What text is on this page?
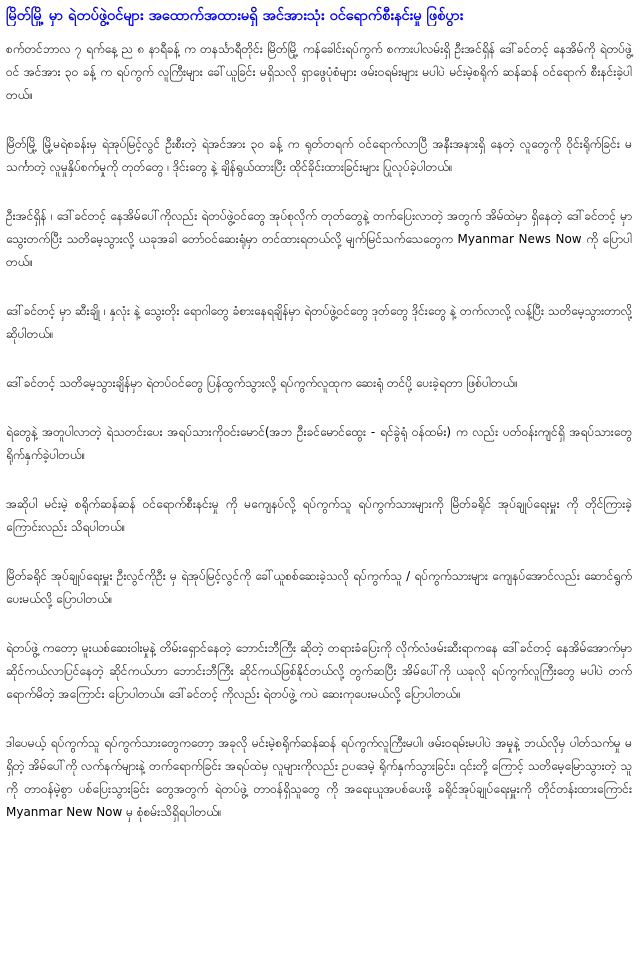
မြိတ်မြို့ မှာ ရဲတပ်ဖွဲ့ဝင်များ အထောက်အထားမရှိ အင်အားသုံး ဝင်ရောက်စီးနင်းမှု ဖြစ်ပွား

စက်တင်ဘာလ ၇ ရက်နေ့ ည ၈ နာရီခန့် က တနင်္သာရီတိုင်း မြိတ်မြို့ ကန်ခေါင်းရပ်ကွက် စကားပါလမ်းရှိ ဦးအင်ရှိန် ဒေါ်ခင်တင့် နေအိမ်ကို ရဲတပ်ဖွဲ့ဝင် အင်အား ၃၀ ခန့် က ရပ်ကွက် လူကြီးများ ခေါ်ယူခြင်း မရှိသလို ရှာဖွေပုံစံများ ဖမ်းဝရမ်းများ မပါပဲ မင်းမဲ့စရိုက် ဆန်ဆန် ဝင်ရောက် စီးနင်းခဲ့ပါတယ်။

မြိတ်မြို့ မြို့မရဲစခန်းမှ ရဲအုပ်မြင့်လွင် ဦးစီးတဲ့ ရဲအင်အား ၃၀ ခန့် က ရုတ်တရက် ဝင်ရောက်လာပြီ အနီးအနားရှိ နေတဲ့ လူတွေကို ဝိုင်းရိုက်ခြင်း မသင်္ကာတဲ့ လူမှုနှိပ်စက်မှုကို တုတ်တွေ ၊ ဒိုင်းတွေ နဲ့ ချိန်ရွယ်ထားပြီး ထိုင်ခိုင်းထားခြင်းများ ပြုလုပ်ခဲ့ပါတယ်။

ဦးအင်ရှိန် ၊ ဒေါ်ခင်တင့် နေအိမ်ပေါ်ကိုလည်း ရဲတပ်ဖွဲ့ဝင်တွေ အုပ်စုလိုက် တုတ်တွေနဲ့ တက်ပြေးလာတဲ့ အတွက် အိမ်ထဲမှာ ရှိနေတဲ့ ဒေါ်ခင်တင့် မှာ သွေးတက်ပြီး သတိမေ့သွားလို့ ယခုအခါ တော်ဝင်ဆေးရုံမှာ တင်ထားရတယ်လို့ မျက်မြင်သက်သေတွေက Myanmar News Now ကို ပြောပါတယ်။

ဒေါ်ခင်တင့် မှာ ဆီးချို ၊ နှလုံး နဲ့ သွေးတိုး ရောဂါတွေ ခံစားနေရချိန်မှာ ရဲတပ်ဖွဲ့ဝင်တွေ ဒုတ်တွေ ဒိုင်းတွေ နဲ့ တက်လာလို့ လန့်ပြီး သတိမေ့သွားတာလို့ ဆိုပါတယ်။

ဒေါ်ခင်တင့် သတိမေ့သွားချိန်မှာ ရဲတပ်ဝင်တွေ ပြန်ထွက်သွားလို့ ရပ်ကွက်လူထုက ဆေးရုံ တင်ပို့ ပေးခဲ့ရတာ ဖြစ်ပါတယ်။

ရဲတွေနဲ့ အတူပါလာတဲ့ ရဲသတင်းပေး အရပ်သားကိုဝင်းမောင်(အဘ ဦးခင်မောင်ထွေး - ရင်ခွဲရုံ ဝန်ထမ်း) က လည်း ပတ်ဝန်းကျင်ရှိ အရပ်သားတွေ ရိုက်နှက်ခဲ့ပါတယ်။

အဆိုပါ မင်းမဲ့ စရိုက်ဆန်ဆန် ဝင်ရောက်စီးနင်းမှု ကို မကျေနပ်လို့ ရပ်ကွက်သူ ရပ်ကွက်သားများကို မြိတ်ခရိုင် အုပ်ချုပ်ရေးမှူး ကို တိုင်ကြားခဲ့ကြောင်းလည်း သိရပါတယ်။

မြိတ်ခရိုင် အုပ်ချုပ်ရေးမှူး ဦးလွင်ကိုဦး မှ ရဲအုပ်မြင့်လွင်ကို ခေါ်ယူစစ်ဆေးခဲ့သလို ရပ်ကွက်သူ / ရပ်ကွက်သားများ ကျေနပ်အောင်လည်း ဆောင်ရွက်ပေးမယ်လို့ ပြောပါတယ်။

ရဲတပ်ဖွဲ့ ကတော့ မူးယစ်ဆေးဝါးမှုနဲ့ တိမ်းရှောင်နေတဲ့ ဘောင်းဘီကြီး ဆိုတဲ့ တရားခံပြေးကို လိုက်လံဖမ်းဆီးရာကနေ ဒေါ်ခင်တင့် နေအိမ်အောက်မှာ ဆိုင်ကယ်လာပြင်နေတဲ့ ဆိုင်ကယ်ဟာ ဘောင်းဘီကြီး ဆိုင်ကယ်ဖြစ်နိုင်တယ်လို့ တွက်ဆပြီး အိမ်ပေါ်ကို ယခုလို ရပ်ကွက်လူကြီးတွေ မပါပဲ တက်ရောက်မိတဲ့ အကြောင်း ပြောပါတယ်။ ဒေါ်ခင်တင့် ကိုလည်း ရဲတပ်ဖွဲ့ ကပဲ ဆေးကုပေးမယ်လို့ ပြောပါတယ်။

ဒါပေမယ့် ရပ်ကွက်သူ ရပ်ကွက်သားတွေကတော့ အခုလို မင်းမဲ့စရိုက်ဆန်ဆန် ရပ်ကွက်လူကြီးမပါ၊ ဖမ်းဝရမ်းမပါပဲ အမှုနဲ့ ဘယ်လိုမှ ပါတ်သက်မှု မရှိတဲ့ အိမ်ပေါ်ကို လက်နက်များနဲ့ တက်ရောက်ခြင်း အရပ်ထဲမှ လူများကိုလည်း ဥပဒေမဲ့ ရိုက်နှက်သွားခြင်း၊ ၎င်းတို့ ကြောင့် သတိမေ့မြောသွားတဲ့ သူကို တာဝန်မဲ့စွာ ပစ်ပြေးသွားခြင်း တွေအတွက် ရဲတပ်ဖွဲ့ တာဝန်ရှိသူတွေ ကို အရေးယူအပစ်ပေးဖို့ ခရိုင်အုပ်ချုပ်ရေးမှူးကို တိုင်တန်းထားကြောင်း Myanmar New Now မှ စုံစမ်းသိရှိရပါတယ်။
